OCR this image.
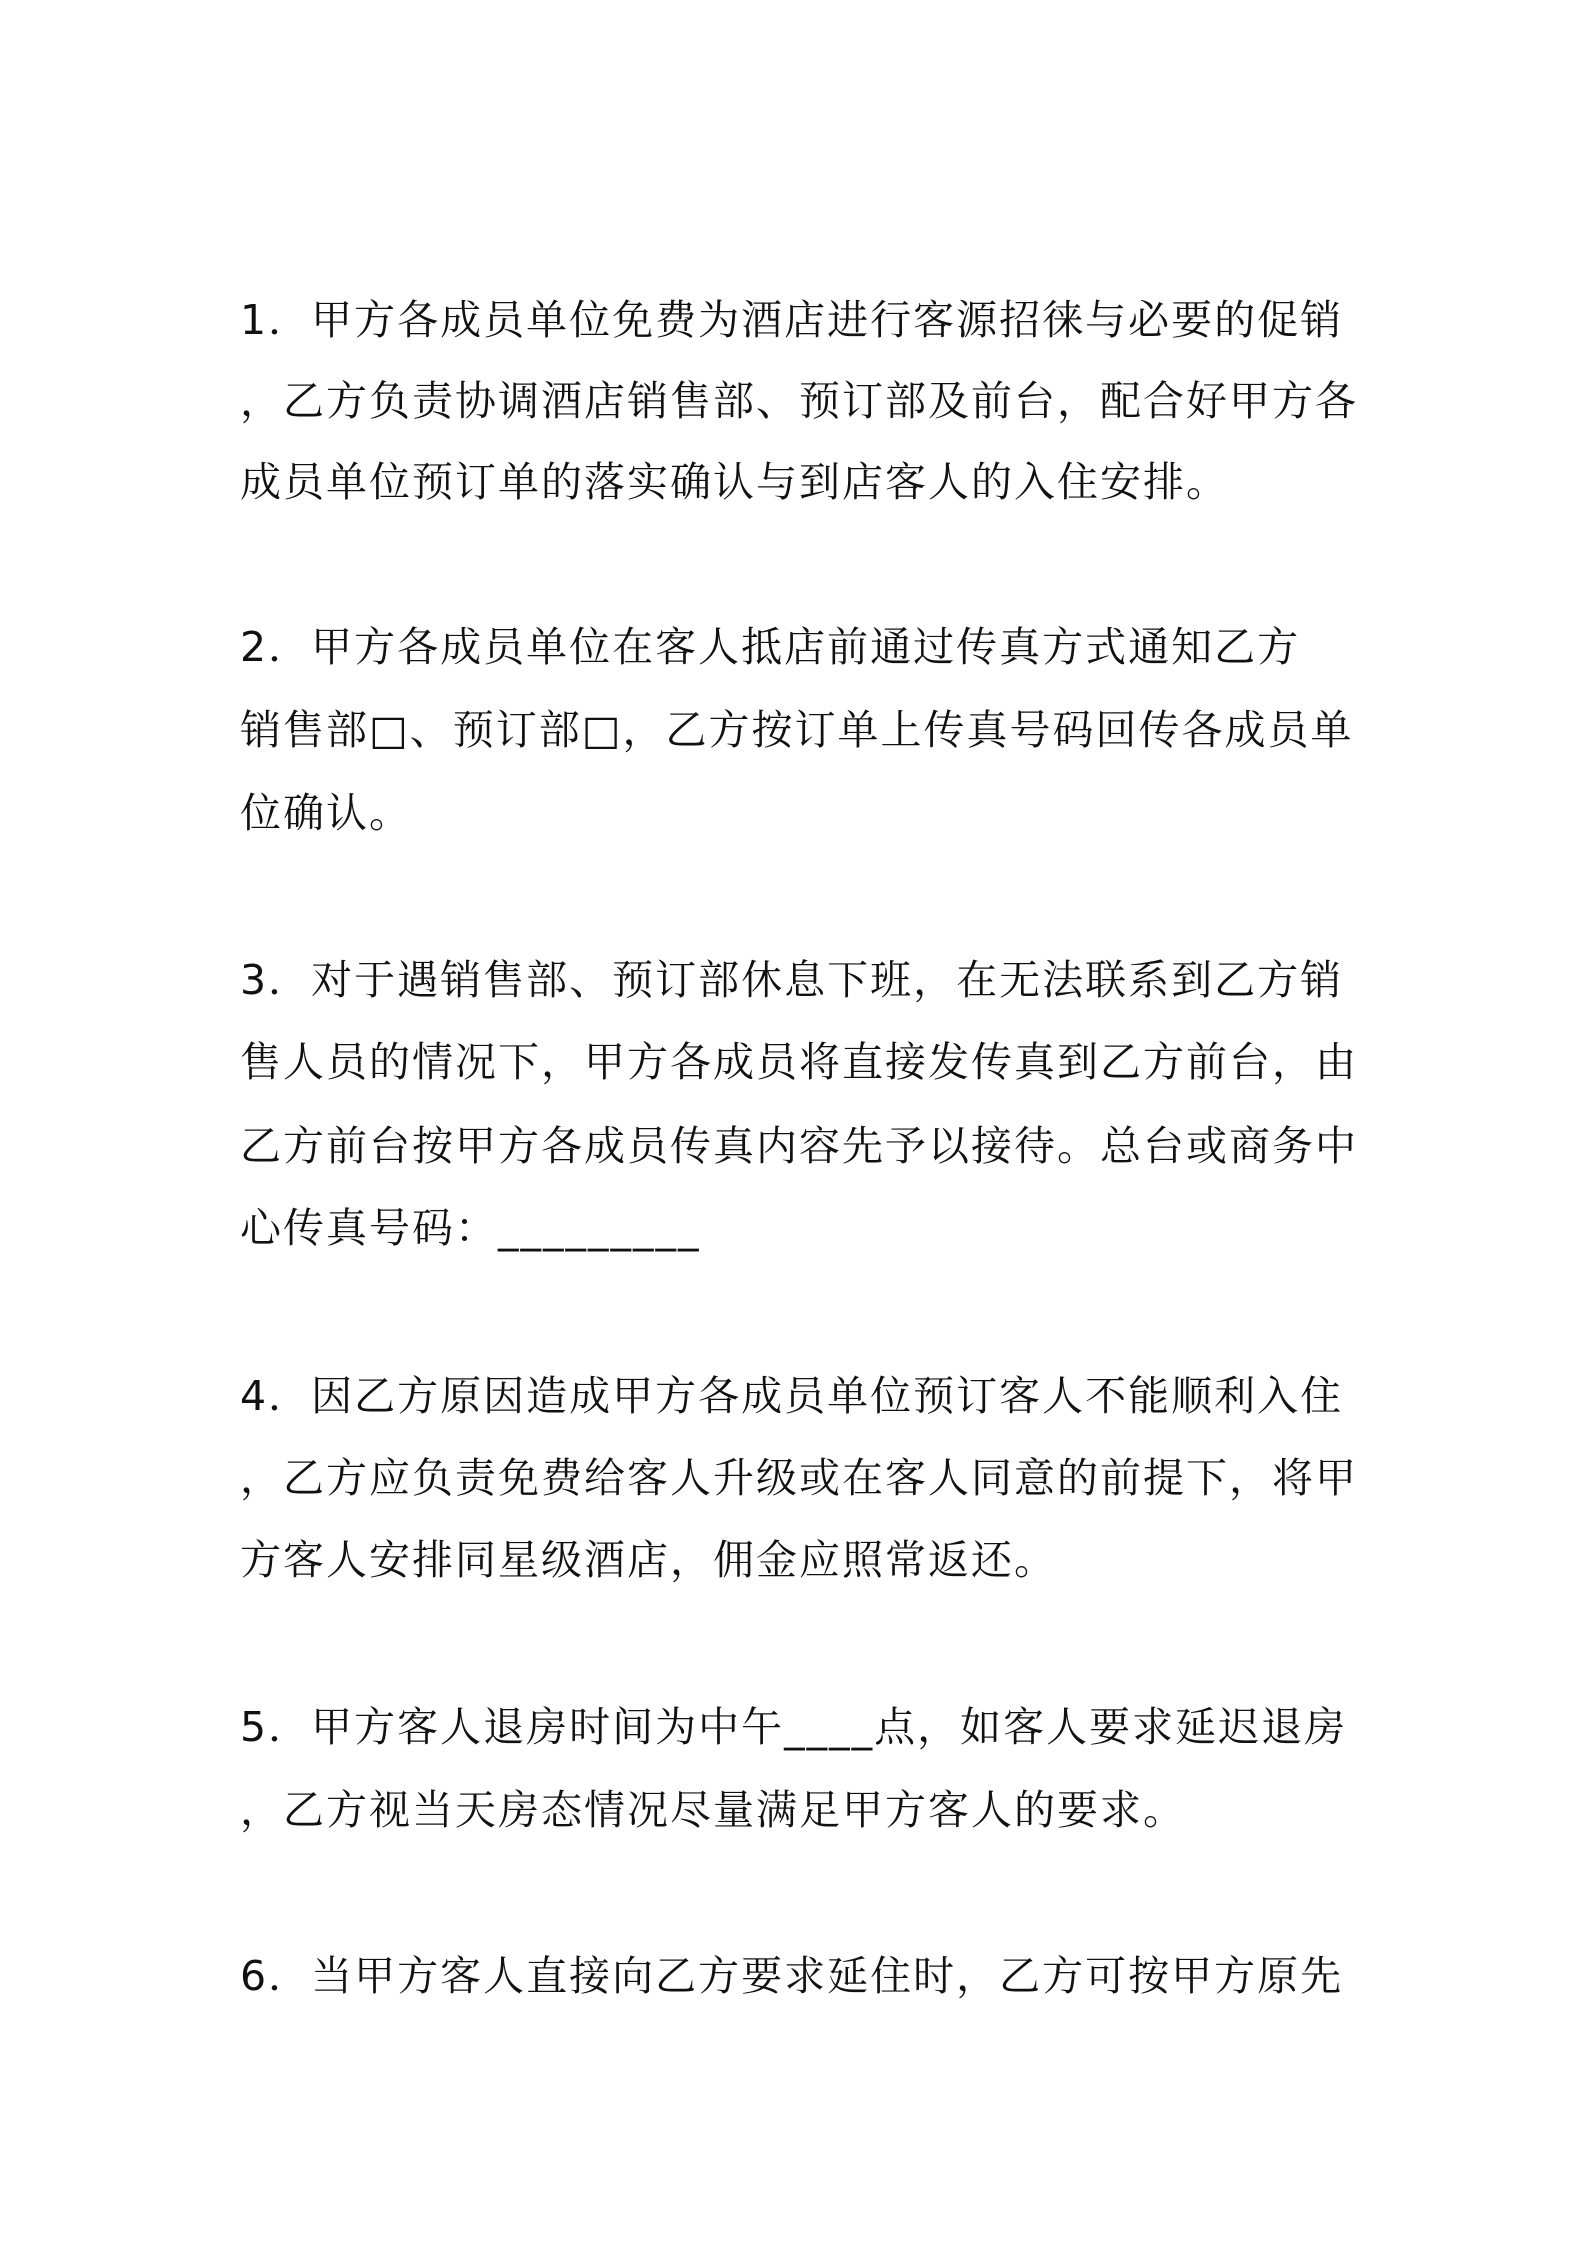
1．甲方各成员单位免费为酒店进行客源招徕与必要的促销
，乙方负责协调酒店销售部、预订部及前台，配合好甲方各
成员单位预订单的落实确认与到店客人的入住安排。
2．甲方各成员单位在客人抵店前通过传真方式通知乙方
销售部□、预订部□，乙方按订单上传真号码回传各成员单
位确认。
3．对于遇销售部、预订部休息下班，在无法联系到乙方销
售人员的情况下，甲方各成员将直接发传真到乙方前台，由
乙方前台按甲方各成员传真内容先予以接待。总台或商务中
心传真号码：_________
4．因乙方原因造成甲方各成员单位预订客人不能顺利入住
，乙方应负责免费给客人升级或在客人同意的前提下，将甲
方客人安排同星级酒店，佣金应照常返还。
5．甲方客人退房时间为中午____点，如客人要求延迟退房
，乙方视当天房态情况尽量满足甲方客人的要求。
6．当甲方客人直接向乙方要求延住时，乙方可按甲方原先
